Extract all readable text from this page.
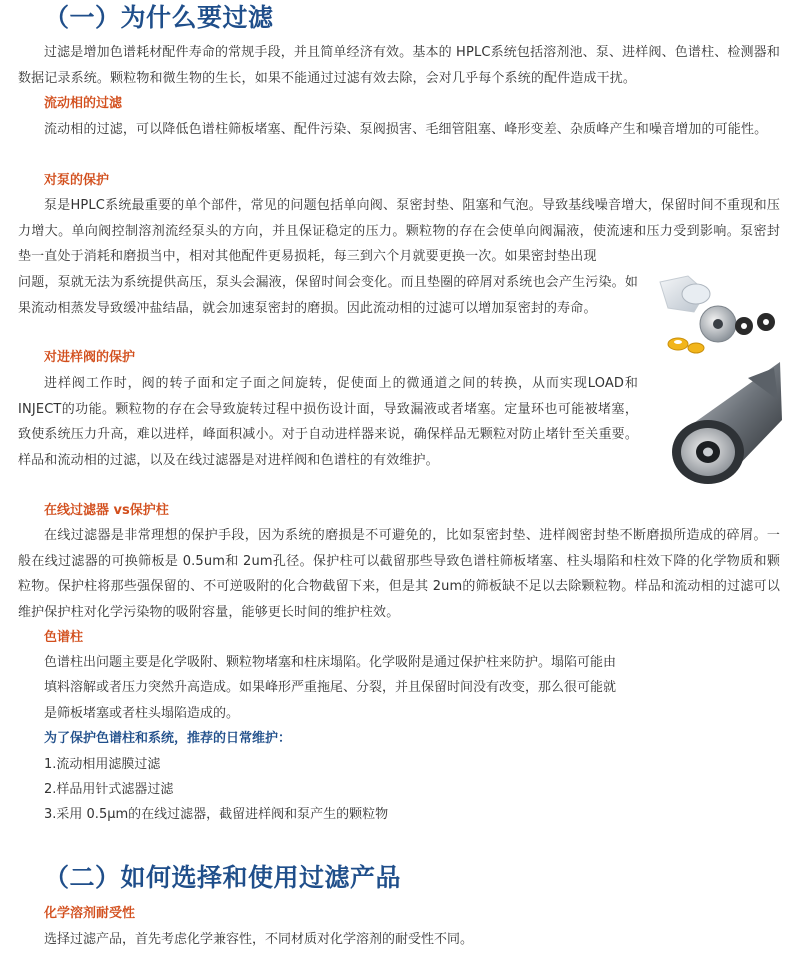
（一）为什么要过滤

过滤是增加色谱耗材配件寿命的常规手段，并且简单经济有效。基本的 HPLC系统包括溶剂池、泵、进样阀、色谱柱、检测器和数据记录系统。颗粒物和微生物的生长，如果不能通过过滤有效去除，会对几乎每个系统的配件造成干扰。

流动相的过滤

流动相的过滤，可以降低色谱柱筛板堵塞、配件污染、泵阀损害、毛细管阻塞、峰形变差、杂质峰产生和噪音增加的可能性。

对泵的保护

泵是HPLC系统最重要的单个部件，常见的问题包括单向阀、泵密封垫、阻塞和气泡。导致基线噪音增大，保留时间不重现和压力增大。单向阀控制溶剂流经泵头的方向，并且保证稳定的压力。颗粒物的存在会使单向阀漏液，使流速和压力受到影响。泵密封垫一直处于消耗和磨损当中，相对其他配件更易损耗，每三到六个月就要更换一次。如果密封垫出现

问题，泵就无法为系统提供高压，泵头会漏液，保留时间会变化。而且垫圈的碎屑对系统也会产生污染。如果流动相蒸发导致缓冲盐结晶，就会加速泵密封的磨损。因此流动相的过滤可以增加泵密封的寿命。

对进样阀的保护

进样阀工作时，阀的转子面和定子面之间旋转，促使面上的微通道之间的转换，从而实现LOAD和 INJECT的功能。颗粒物的存在会导致旋转过程中损伤设计面，导致漏液或者堵塞。定量环也可能被堵塞，致使系统压力升高，难以进样，峰面积减小。对于自动进样器来说，确保样品无颗粒对防止堵针至关重要。样品和流动相的过滤，以及在线过滤器是对进样阀和色谱柱的有效维护。

在线过滤器 vs保护柱

在线过滤器是非常理想的保护手段，因为系统的磨损是不可避免的，比如泵密封垫、进样阀密封垫不断磨损所造成的碎屑。一般在线过滤器的可换筛板是 0.5um和 2um孔径。保护柱可以截留那些导致色谱柱筛板堵塞、柱头塌陷和柱效下降的化学物质和颗粒物。保护柱将那些强保留的、不可逆吸附的化合物截留下来，但是其 2um的筛板缺不足以去除颗粒物。样品和流动相的过滤可以维护保护柱对化学污染物的吸附容量，能够更长时间的维护柱效。

色谱柱

色谱柱出问题主要是化学吸附、颗粒物堵塞和柱床塌陷。化学吸附是通过保护柱来防护。塌陷可能由

填料溶解或者压力突然升高造成。如果峰形严重拖尾、分裂，并且保留时间没有改变，那么很可能就

是筛板堵塞或者柱头塌陷造成的。

为了保护色谱柱和系统，推荐的日常维护：

1.流动相用滤膜过滤

2.样品用针式滤器过滤

3.采用 0.5μm的在线过滤器，截留进样阀和泵产生的颗粒物

（二）如何选择和使用过滤产品
化学溶剂耐受性

选择过滤产品，首先考虑化学兼容性，不同材质对化学溶剂的耐受性不同。
